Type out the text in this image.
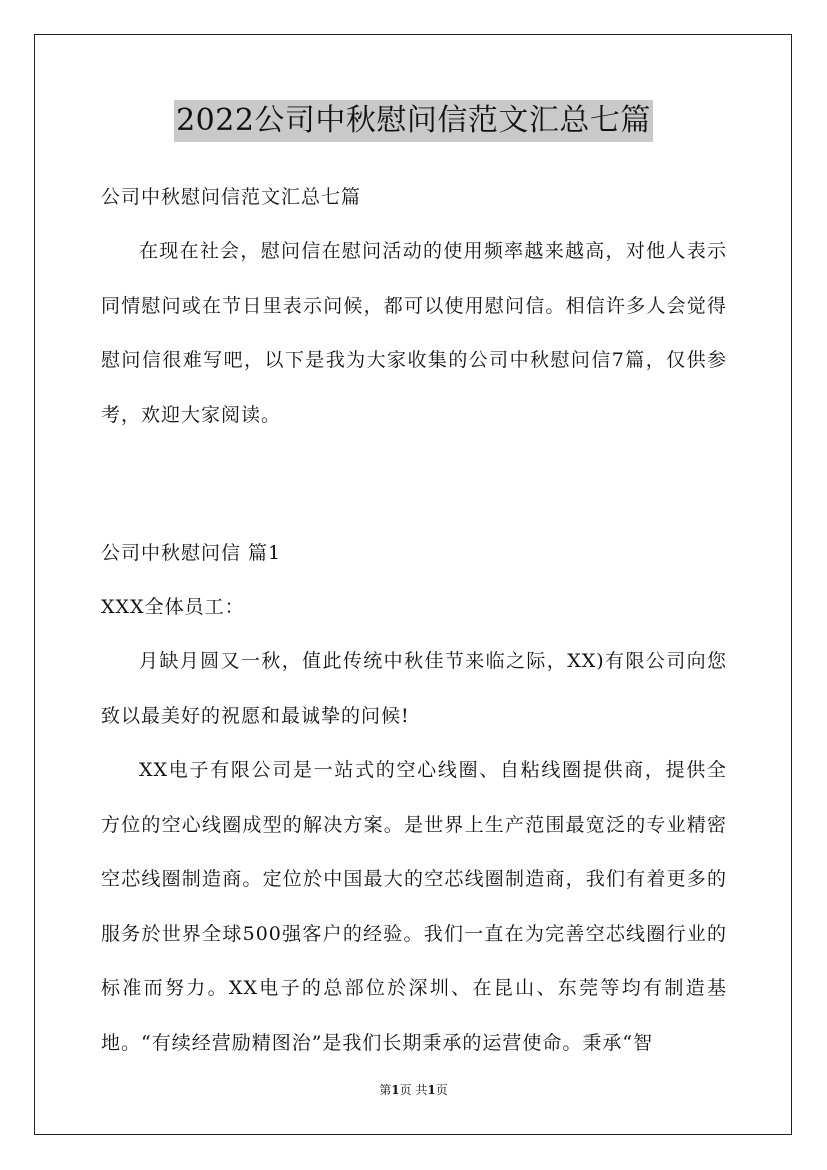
2022公司中秋慰问信范文汇总七篇

公司中秋慰问信范文汇总七篇

在现在社会，慰问信在慰问活动的使用频率越来越高，对他人表示同情慰问或在节日里表示问候，都可以使用慰问信。相信许多人会觉得慰问信很难写吧，以下是我为大家收集的公司中秋慰问信7篇，仅供参考，欢迎大家阅读。

公司中秋慰问信 篇1

XXX全体员工：

月缺月圆又一秋，值此传统中秋佳节来临之际，XX)有限公司向您致以最美好的祝愿和最诚挚的问候!

XX电子有限公司是一站式的空心线圈、自粘线圈提供商，提供全方位的空心线圈成型的解决方案。是世界上生产范围最宽泛的专业精密空芯线圈制造商。定位於中国最大的空芯线圈制造商，我们有着更多的服务於世界全球500强客户的经验。我们一直在为完善空芯线圈行业的标准而努力。XX电子的总部位於深圳、在昆山、东莞等均有制造基地。“有续经营励精图治”是我们长期秉承的运营使命。秉承“智

第1页 共1页
